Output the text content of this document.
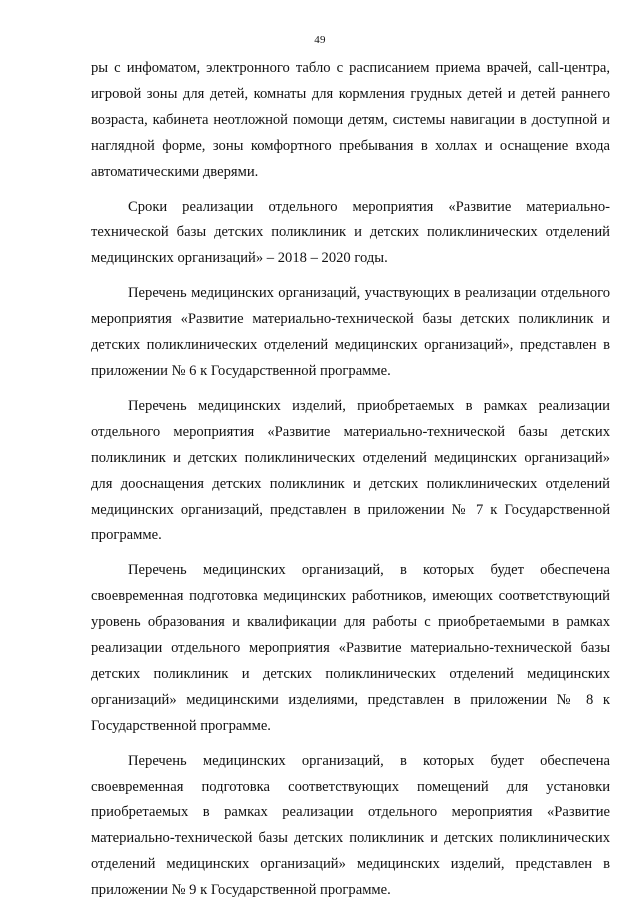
49

ры с инфоматом, электронного табло с расписанием приема врачей, call-центра, игровой зоны для детей, комнаты для кормления грудных детей и детей раннего возраста, кабинета неотложной помощи детям, системы навигации в доступной и наглядной форме, зоны комфортного пребывания в холлах и оснащение входа автоматическими дверями.

Сроки реализации отдельного мероприятия «Развитие материально-технической базы детских поликлиник и детских поликлинических отделений медицинских организаций» – 2018 – 2020 годы.

Перечень медицинских организаций, участвующих в реализации отдельного мероприятия «Развитие материально-технической базы детских поликлиник и детских поликлинических отделений медицинских организаций», представлен в приложении № 6 к Государственной программе.

Перечень медицинских изделий, приобретаемых в рамках реализации отдельного мероприятия «Развитие материально-технической базы детских поликлиник и детских поликлинических отделений медицинских организаций» для дооснащения детских поликлиник и детских поликлинических отделений медицинских организаций, представлен в приложении № 7 к Государственной программе.

Перечень медицинских организаций, в которых будет обеспечена своевременная подготовка медицинских работников, имеющих соответствующий уровень образования и квалификации для работы с приобретаемыми в рамках реализации отдельного мероприятия «Развитие материально-технической базы детских поликлиник и детских поликлинических отделений медицинских организаций» медицинскими изделиями, представлен в приложении № 8 к Государственной программе.

Перечень медицинских организаций, в которых будет обеспечена своевременная подготовка соответствующих помещений для установки приобретаемых в рамках реализации отдельного мероприятия «Развитие материально-технической базы детских поликлиник и детских поликлинических отделений медицинских организаций» медицинских изделий, представлен в приложении № 9 к Государственной программе.
